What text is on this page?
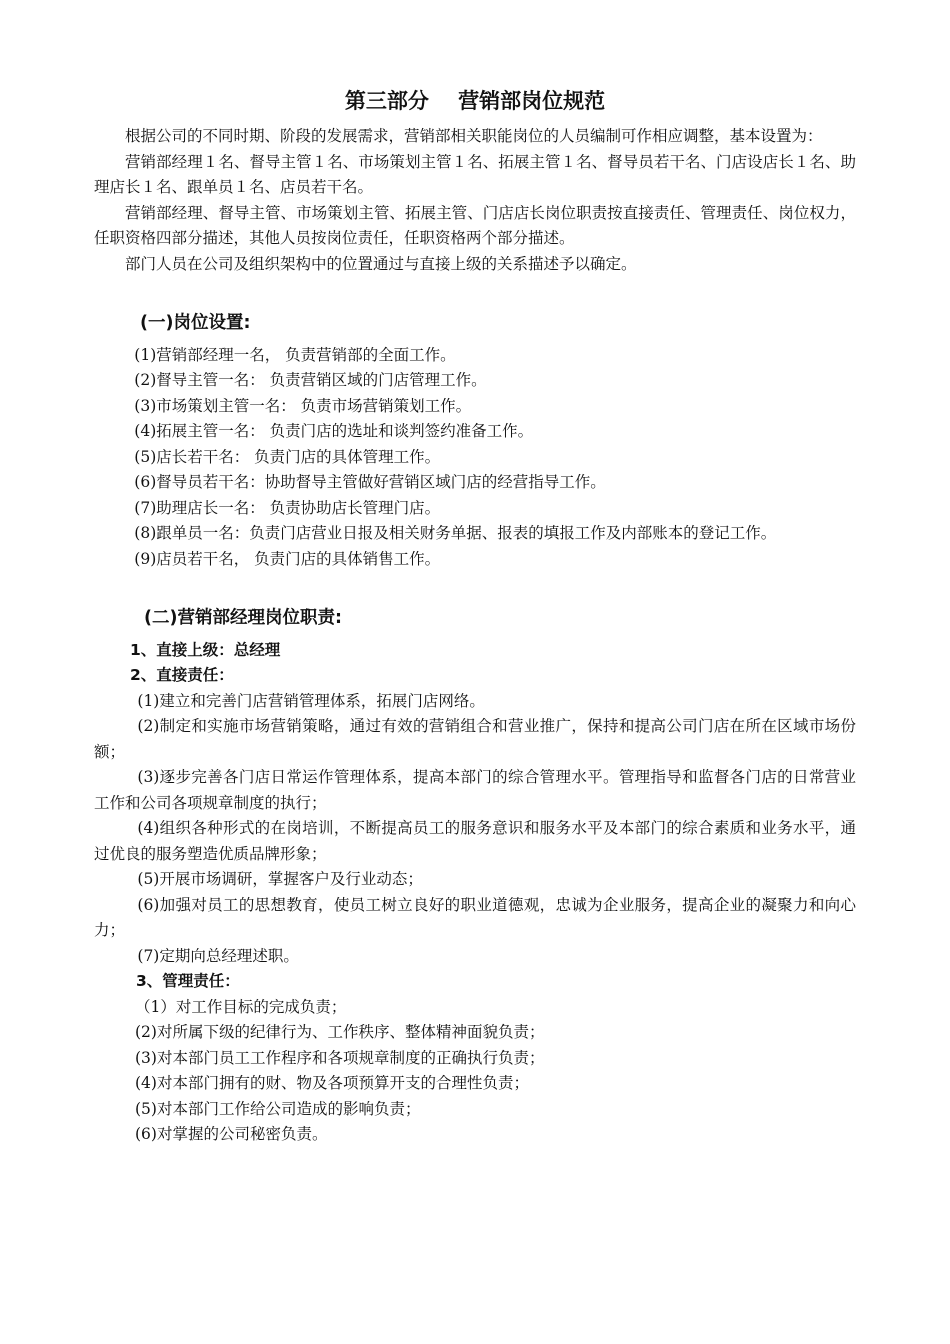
第三部分    营销部岗位规范

根据公司的不同时期、阶段的发展需求，营销部相关职能岗位的人员编制可作相应调整，基本设置为：

营销部经理１名、督导主管１名、市场策划主管１名、拓展主管１名、督导员若干名、门店设店长１名、助理店长１名、跟单员１名、店员若干名。

营销部经理、督导主管、市场策划主管、拓展主管、门店店长岗位职责按直接责任、管理责任、岗位权力，任职资格四部分描述，其他人员按岗位责任，任职资格两个部分描述。

部门人员在公司及组织架构中的位置通过与直接上级的关系描述予以确定。

(一)岗位设置:

(1)营销部经理一名， 负责营销部的全面工作。

(2)督导主管一名： 负责营销区域的门店管理工作。

(3)市场策划主管一名： 负责市场营销策划工作。

(4)拓展主管一名： 负责门店的选址和谈判签约准备工作。

(5)店长若干名： 负责门店的具体管理工作。

(6)督导员若干名：协助督导主管做好营销区域门店的经营指导工作。

(7)助理店长一名： 负责协助店长管理门店。

(8)跟单员一名：负责门店营业日报及相关财务单据、报表的填报工作及内部账本的登记工作。

(9)店员若干名， 负责门店的具体销售工作。

(二)营销部经理岗位职责:

1、直接上级：总经理

2、直接责任：

(1)建立和完善门店营销管理体系，拓展门店网络。

(2)制定和实施市场营销策略，通过有效的营销组合和营业推广，保持和提高公司门店在所在区域市场份额；

(3)逐步完善各门店日常运作管理体系，提高本部门的综合管理水平。管理指导和监督各门店的日常营业工作和公司各项规章制度的执行；

(4)组织各种形式的在岗培训，不断提高员工的服务意识和服务水平及本部门的综合素质和业务水平，通过优良的服务塑造优质品牌形象；

(5)开展市场调研，掌握客户及行业动态；

(6)加强对员工的思想教育，使员工树立良好的职业道德观，忠诚为企业服务，提高企业的凝聚力和向心力；

(7)定期向总经理述职。

3、管理责任：

（1）对工作目标的完成负责；

(2)对所属下级的纪律行为、工作秩序、整体精神面貌负责；

(3)对本部门员工工作程序和各项规章制度的正确执行负责；

(4)对本部门拥有的财、物及各项预算开支的合理性负责；

(5)对本部门工作给公司造成的影响负责；

(6)对掌握的公司秘密负责。
